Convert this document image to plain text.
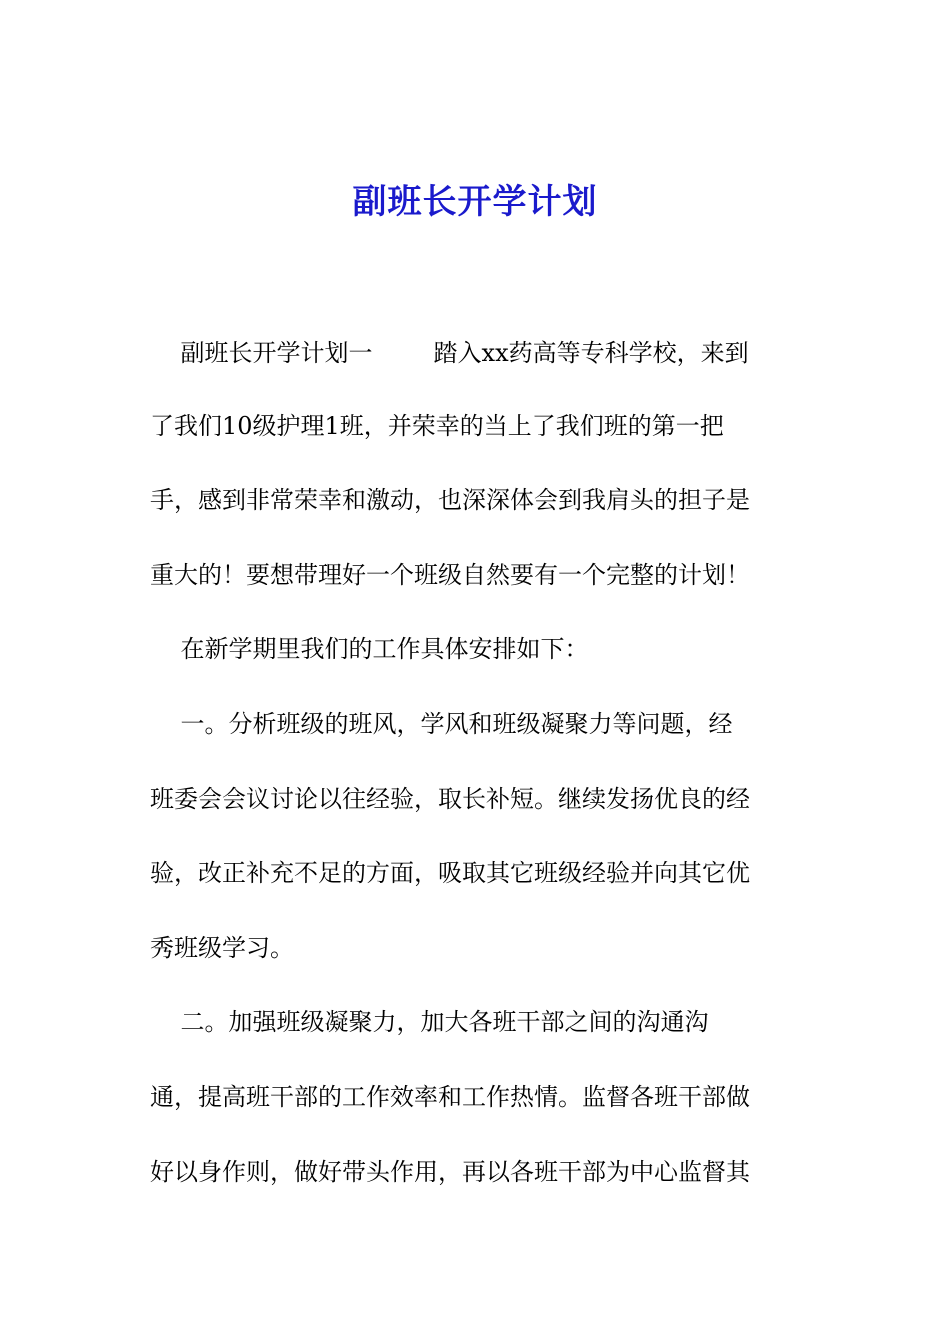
副班长开学计划
副班长开学计划一        踏入xx药高等专科学校，来到
了我们10级护理1班，并荣幸的当上了我们班的第一把
手，感到非常荣幸和激动，也深深体会到我肩头的担子是
重大的！要想带理好一个班级自然要有一个完整的计划！
在新学期里我们的工作具体安排如下：
一。分析班级的班风，学风和班级凝聚力等问题，经
班委会会议讨论以往经验，取长补短。继续发扬优良的经
验，改正补充不足的方面，吸取其它班级经验并向其它优
秀班级学习。
二。加强班级凝聚力，加大各班干部之间的沟通沟
通，提高班干部的工作效率和工作热情。监督各班干部做
好以身作则，做好带头作用，再以各班干部为中心监督其
